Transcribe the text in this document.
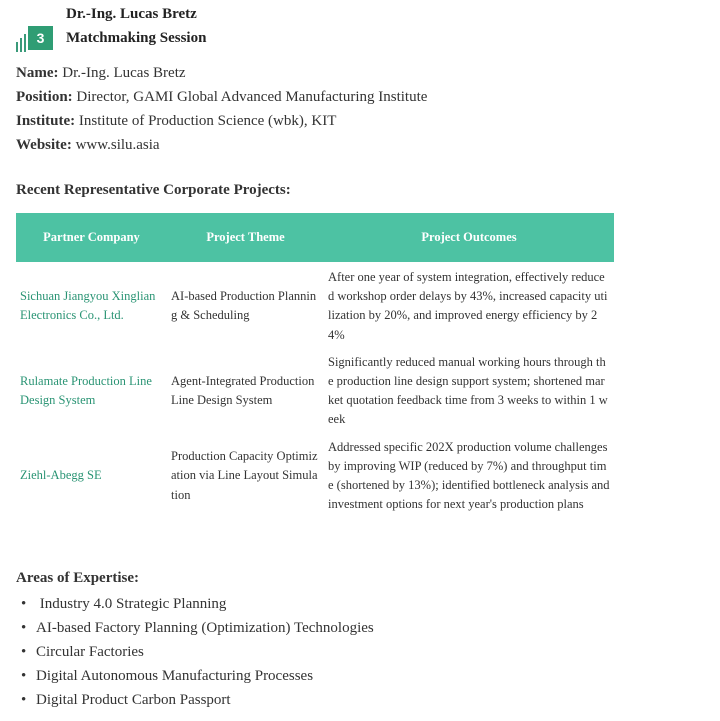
3
Dr.-Ing. Lucas Bretz
Matchmaking Session
Name: Dr.-Ing. Lucas Bretz
Position: Director, GAMI Global Advanced Manufacturing Institute
Institute: Institute of Production Science (wbk), KIT
Website: www.silu.asia
Recent Representative Corporate Projects:
Partner Company	Project Theme	Project Outcomes
Sichuan Jiangyou Xinglian Electronics Co., Ltd.	AI-based Production Planning & Scheduling	After one year of system integration, effectively reduced workshop order delays by 43%, increased capacity utilization by 20%, and improved energy efficiency by 24%
Rulamate Production Line Design System	Agent-Integrated Production Line Design System	Significantly reduced manual working hours through the production line design support system; shortened market quotation feedback time from 3 weeks to within 1 week
Ziehl-Abegg SE	Production Capacity Optimization via Line Layout Simulation	Addressed specific 202X production volume challenges by improving WIP (reduced by 7%) and throughput time (shortened by 13%); identified bottleneck analysis and investment options for next year's production plans
Areas of Expertise:
• Industry 4.0 Strategic Planning
• AI-based Factory Planning (Optimization) Technologies
• Circular Factories
• Digital Autonomous Manufacturing Processes
• Digital Product Carbon Passport
